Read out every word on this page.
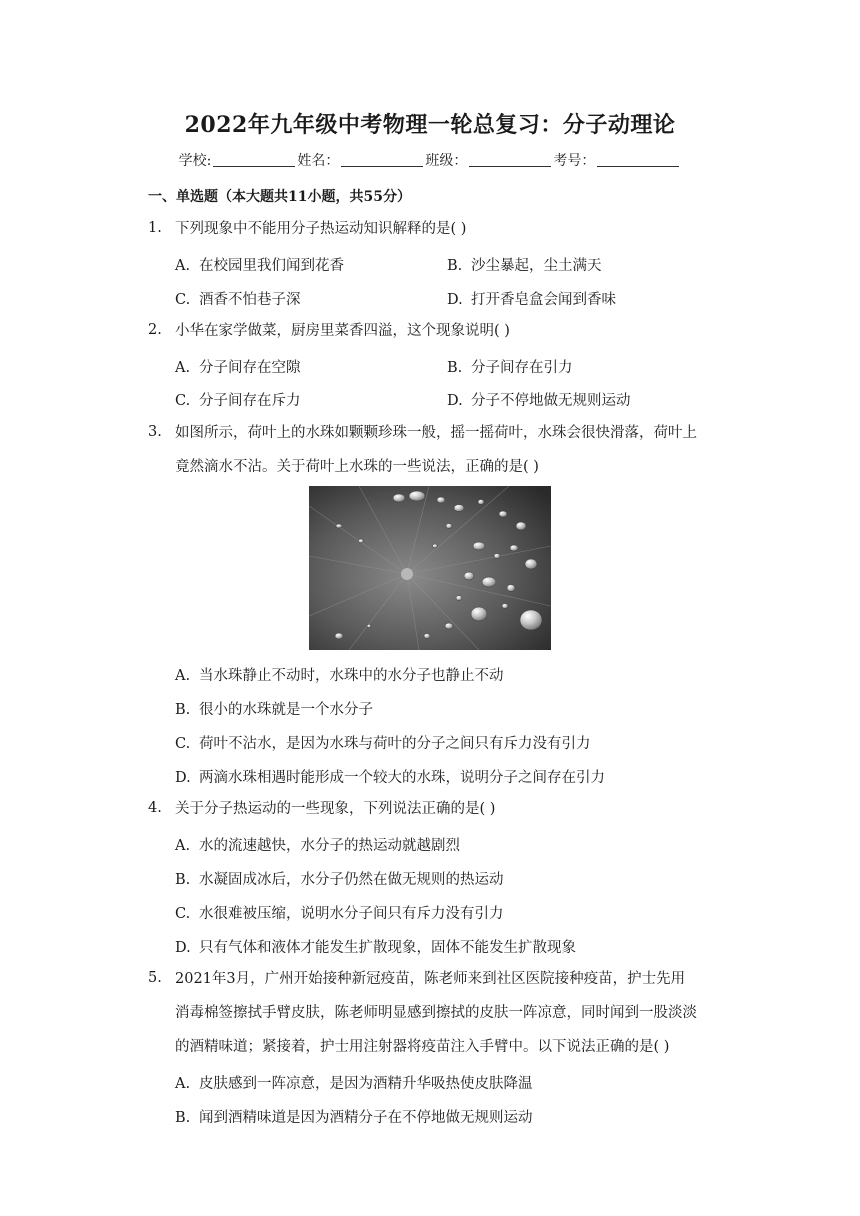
2022年九年级中考物理一轮总复习：分子动理论
学校:	姓名：	班级：	考号：
一、单选题（本大题共11小题，共55分）
1. 下列现象中不能用分子热运动知识解释的是( )
A. 在校园里我们闻到花香	B. 沙尘暴起，尘土满天
C. 酒香不怕巷子深	D. 打开香皂盒会闻到香味
2. 小华在家学做菜，厨房里菜香四溢，这个现象说明( )
A. 分子间存在空隙	B. 分子间存在引力
C. 分子间存在斥力	D. 分子不停地做无规则运动
3. 如图所示，荷叶上的水珠如颗颗珍珠一般，摇一摇荷叶，水珠会很快滑落，荷叶上
竟然滴水不沾。关于荷叶上水珠的一些说法，正确的是( )
A. 当水珠静止不动时，水珠中的水分子也静止不动
B. 很小的水珠就是一个水分子
C. 荷叶不沾水，是因为水珠与荷叶的分子之间只有斥力没有引力
D. 两滴水珠相遇时能形成一个较大的水珠，说明分子之间存在引力
4. 关于分子热运动的一些现象，下列说法正确的是( )
A. 水的流速越快，水分子的热运动就越剧烈
B. 水凝固成冰后，水分子仍然在做无规则的热运动
C. 水很难被压缩，说明水分子间只有斥力没有引力
D. 只有气体和液体才能发生扩散现象，固体不能发生扩散现象
5. 2021年3月，广州开始接种新冠疫苗，陈老师来到社区医院接种疫苗，护士先用
消毒棉签擦拭手臂皮肤，陈老师明显感到擦拭的皮肤一阵凉意，同时闻到一股淡淡
的酒精味道；紧接着，护士用注射器将疫苗注入手臂中。以下说法正确的是( )
A. 皮肤感到一阵凉意，是因为酒精升华吸热使皮肤降温
B. 闻到酒精味道是因为酒精分子在不停地做无规则运动
